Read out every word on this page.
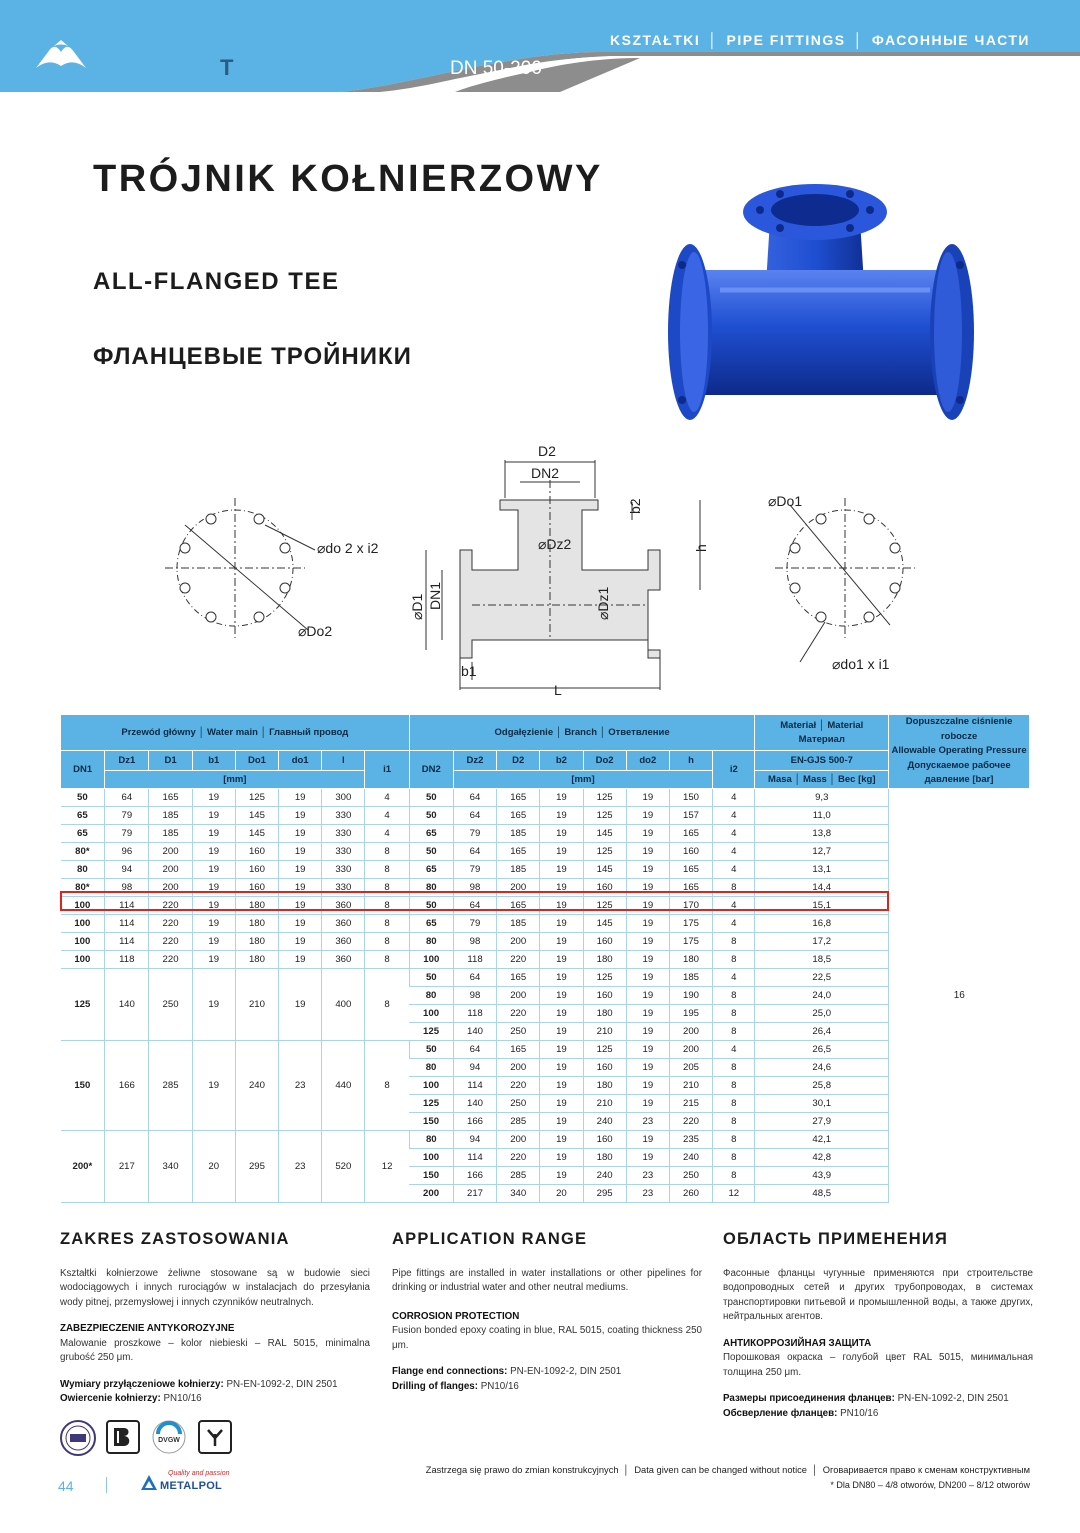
KSZTAŁTKI │ PIPE FITTINGS │ ФАСОННЫЕ ЧАСТИ
T	DN 50-200
TRÓJNIK KOŁNIERZOWY
ALL-FLANGED TEE
ФЛАНЦЕВЫЕ ТРОЙНИКИ
⌀do 2 x i2
⌀Do2
D2
DN2
b2
⌀Dz2	h
⌀D1 DN1	⌀Dz1
b1
L
⌀Do1
⌀do1 x i1
Przewód główny │ Water main │ Главный провод								Odgałęzienie │ Branch │ Ответвление								Materiał │ Material
Материал	Dopuszczalne ciśnienie robocze
Allowable Operating Pressure
Допускаемое рабочее
давление [bar]
DN1	Dz1	D1	b1	Do1	do1	l	i1	DN2	Dz2	D2	b2	Do2	do2	h	i2	EN-GJS 500-7	
	[mm]								[mm]							Masa │ Mass │ Bec [kg]	
50	64	165	19	125	19	300	4	50	64	165	19	125	19	150	4	9,3	16
65	79	185	19	145	19	330	4	50	64	165	19	125	19	157	4	11,0	
65	79	185	19	145	19	330	4	65	79	185	19	145	19	165	4	13,8	
80*	96	200	19	160	19	330	8	50	64	165	19	125	19	160	4	12,7	
80	94	200	19	160	19	330	8	65	79	185	19	145	19	165	4	13,1	
80*	98	200	19	160	19	330	8	80	98	200	19	160	19	165	8	14,4	
100	114	220	19	180	19	360	8	50	64	165	19	125	19	170	4	15,1	
100	114	220	19	180	19	360	8	65	79	185	19	145	19	175	4	16,8	
100	114	220	19	180	19	360	8	80	98	200	19	160	19	175	8	17,2	
100	118	220	19	180	19	360	8	100	118	220	19	180	19	180	8	18,5	
125	140	250	19	210	19	400	8	50	64	165	19	125	19	185	4	22,5	
								80	98	200	19	160	19	190	8	24,0	
								100	118	220	19	180	19	195	8	25,0	
								125	140	250	19	210	19	200	8	26,4	
150	166	285	19	240	23	440	8	50	64	165	19	125	19	200	4	26,5	
								80	94	200	19	160	19	205	8	24,6	
								100	114	220	19	180	19	210	8	25,8	
								125	140	250	19	210	19	215	8	30,1	
								150	166	285	19	240	23	220	8	27,9	
200*	217	340	20	295	23	520	12	80	94	200	19	160	19	235	8	42,1	
								100	114	220	19	180	19	240	8	42,8	
								150	166	285	19	240	23	250	8	43,9	
								200	217	340	20	295	23	260	12	48,5	
ZAKRES ZASTOSOWANIA

Kształtki kołnierzowe żeliwne stosowane są w budowie sieci wodociągowych i innych rurociągów w instalacjach do przesyłania wody pitnej, przemysłowej i innych czynników neutralnych.

ZABEZPIECZENIE ANTYKOROZYJNE

Malowanie proszkowe – kolor niebieski – RAL 5015, minimalna grubość 250 μm.

Wymiary przyłączeniowe kołnierzy: PN-EN-1092-2, DIN 2501
Owiercenie kołnierzy: PN10/16
APPLICATION RANGE

Pipe fittings are installed in water installations or other pipelines for drinking or industrial water and other neutral mediums.

CORROSION PROTECTION

Fusion bonded epoxy coating in blue, RAL 5015, coating thickness 250 μm.

Flange end connections: PN-EN-1092-2, DIN 2501
Drilling of flanges: PN10/16
ОБЛАСТЬ ПРИМЕНЕНИЯ

Фасонные фланцы чугунные применяются при строительстве водопроводных сетей и других трубопроводах, в системах транспортировки питьевой и промышленной воды, а также других, нейтральных агентов.

АНТИКОРРОЗИЙНАЯ ЗАЩИТА

Порошковая окраска – голубой цвет RAL 5015, минимальная толщина 250 μm.

Размеры присоединения фланцев: PN-EN-1092-2, DIN 2501
Обсверление фланцев: PN10/16
DVGW
44
Quality and passion
METALPOL
Zastrzega się prawo do zmian konstrukcyjnych │ Data given can be changed without notice │ Оговаривается право к сменам конструктивным
* Dla DN80 – 4/8 otworów, DN200 – 8/12 otworów
